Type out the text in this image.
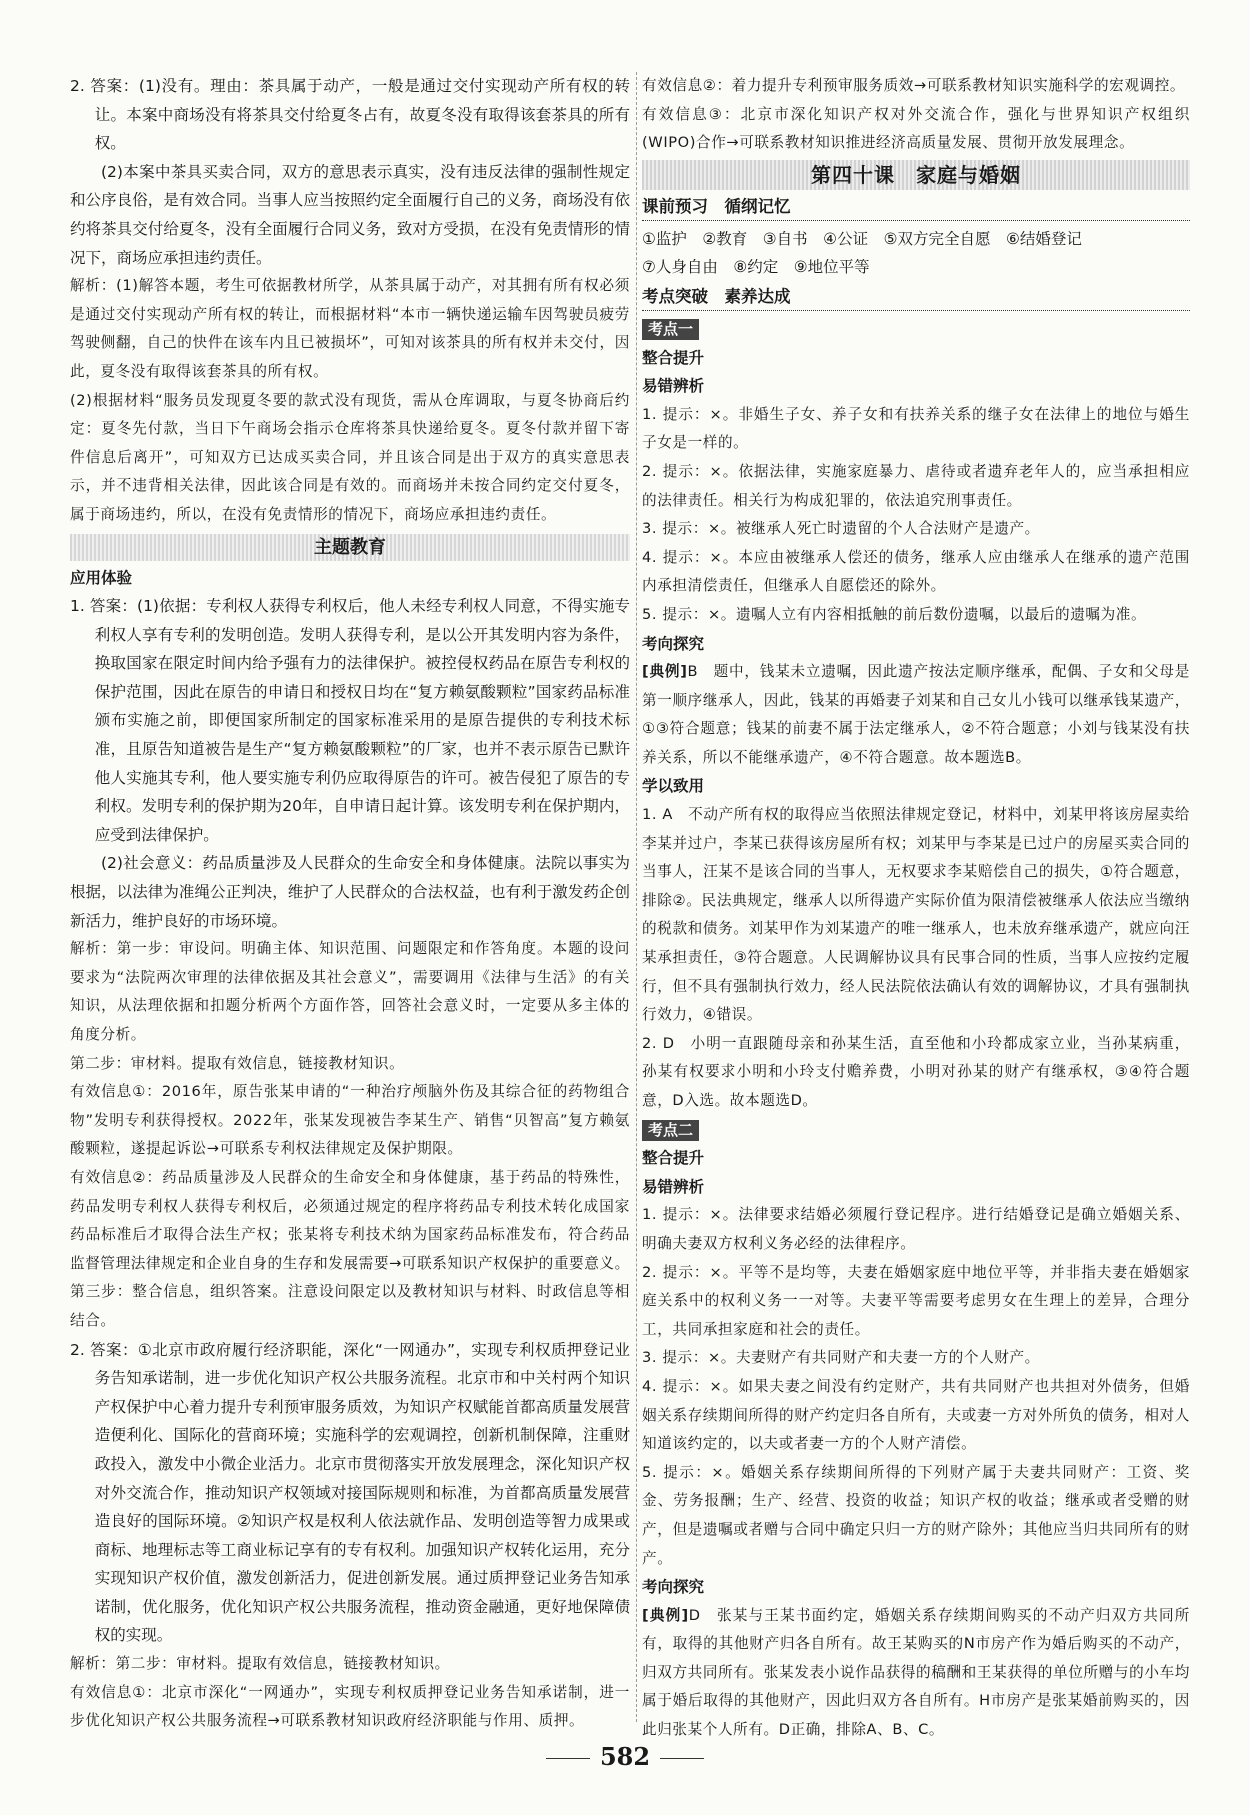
2. 答案：(1)没有。理由：茶具属于动产，一般是通过交付实现动产所有权的转让。本案中商场没有将茶具交付给夏冬占有，故夏冬没有取得该套茶具的所有权。

(2)本案中茶具买卖合同，双方的意思表示真实，没有违反法律的强制性规定和公序良俗，是有效合同。当事人应当按照约定全面履行自己的义务，商场没有依约将茶具交付给夏冬，没有全面履行合同义务，致对方受损，在没有免责情形的情况下，商场应承担违约责任。

解析：(1)解答本题，考生可依据教材所学，从茶具属于动产，对其拥有所有权必须是通过交付实现动产所有权的转让，而根据材料“本市一辆快递运输车因驾驶员疲劳驾驶侧翻，自己的快件在该车内且已被损坏”，可知对该茶具的所有权并未交付，因此，夏冬没有取得该套茶具的所有权。

(2)根据材料“服务员发现夏冬要的款式没有现货，需从仓库调取，与夏冬协商后约定：夏冬先付款，当日下午商场会指示仓库将茶具快递给夏冬。夏冬付款并留下寄件信息后离开”，可知双方已达成买卖合同，并且该合同是出于双方的真实意思表示，并不违背相关法律，因此该合同是有效的。而商场并未按合同约定交付夏冬，属于商场违约，所以，在没有免责情形的情况下，商场应承担违约责任。

主题教育
应用体验

1. 答案：(1)依据：专利权人获得专利权后，他人未经专利权人同意，不得实施专利权人享有专利的发明创造。发明人获得专利，是以公开其发明内容为条件，换取国家在限定时间内给予强有力的法律保护。被控侵权药品在原告专利权的保护范围，因此在原告的申请日和授权日均在“复方赖氨酸颗粒”国家药品标准颁布实施之前，即便国家所制定的国家标准采用的是原告提供的专利技术标准，且原告知道被告是生产“复方赖氨酸颗粒”的厂家，也并不表示原告已默许他人实施其专利，他人要实施专利仍应取得原告的许可。被告侵犯了原告的专利权。发明专利的保护期为20年，自申请日起计算。该发明专利在保护期内，应受到法律保护。

(2)社会意义：药品质量涉及人民群众的生命安全和身体健康。法院以事实为根据，以法律为准绳公正判决，维护了人民群众的合法权益，也有利于激发药企创新活力，维护良好的市场环境。

解析：第一步：审设问。明确主体、知识范围、问题限定和作答角度。本题的设问要求为“法院两次审理的法律依据及其社会意义”，需要调用《法律与生活》的有关知识，从法理依据和扣题分析两个方面作答，回答社会意义时，一定要从多主体的角度分析。

第二步：审材料。提取有效信息，链接教材知识。

有效信息①：2016年，原告张某申请的“一种治疗颅脑外伤及其综合征的药物组合物”发明专利获得授权。2022年，张某发现被告李某生产、销售“贝智高”复方赖氨酸颗粒，遂提起诉讼→可联系专利权法律规定及保护期限。

有效信息②：药品质量涉及人民群众的生命安全和身体健康，基于药品的特殊性，药品发明专利权人获得专利权后，必须通过规定的程序将药品专利技术转化成国家药品标准后才取得合法生产权；张某将专利技术纳为国家药品标准发布，符合药品监督管理法律规定和企业自身的生存和发展需要→可联系知识产权保护的重要意义。

第三步：整合信息，组织答案。注意设问限定以及教材知识与材料、时政信息等相结合。

2. 答案：①北京市政府履行经济职能，深化“一网通办”，实现专利权质押登记业务告知承诺制，进一步优化知识产权公共服务流程。北京市和中关村两个知识产权保护中心着力提升专利预审服务质效，为知识产权赋能首都高质量发展营造便利化、国际化的营商环境；实施科学的宏观调控，创新机制保障，注重财政投入，激发中小微企业活力。北京市贯彻落实开放发展理念，深化知识产权对外交流合作，推动知识产权领域对接国际规则和标准，为首都高质量发展营造良好的国际环境。②知识产权是权利人依法就作品、发明创造等智力成果或商标、地理标志等工商业标记享有的专有权利。加强知识产权转化运用，充分实现知识产权价值，激发创新活力，促进创新发展。通过质押登记业务告知承诺制，优化服务，优化知识产权公共服务流程，推动资金融通，更好地保障债权的实现。

解析：第二步：审材料。提取有效信息，链接教材知识。

有效信息①：北京市深化“一网通办”，实现专利权质押登记业务告知承诺制，进一步优化知识产权公共服务流程→可联系教材知识政府经济职能与作用、质押。

有效信息②：着力提升专利预审服务质效→可联系教材知识实施科学的宏观调控。

有效信息③：北京市深化知识产权对外交流合作，强化与世界知识产权组织(WIPO)合作→可联系教材知识推进经济高质量发展、贯彻开放发展理念。

第四十课　家庭与婚姻
课前预习　循纲记忆

①监护　②教育　③自书　④公证　⑤双方完全自愿　⑥结婚登记

⑦人身自由　⑧约定　⑨地位平等

考点突破　素养达成
考点一
整合提升
易错辨析

1. 提示：×。非婚生子女、养子女和有扶养关系的继子女在法律上的地位与婚生子女是一样的。

2. 提示：×。依据法律，实施家庭暴力、虐待或者遗弃老年人的，应当承担相应的法律责任。相关行为构成犯罪的，依法追究刑事责任。

3. 提示：×。被继承人死亡时遗留的个人合法财产是遗产。

4. 提示：×。本应由被继承人偿还的债务，继承人应由继承人在继承的遗产范围内承担清偿责任，但继承人自愿偿还的除外。

5. 提示：×。遗嘱人立有内容相抵触的前后数份遗嘱，以最后的遗嘱为准。

考向探究

[典例]B　题中，钱某未立遗嘱，因此遗产按法定顺序继承，配偶、子女和父母是第一顺序继承人，因此，钱某的再婚妻子刘某和自己女儿小钱可以继承钱某遗产，①③符合题意；钱某的前妻不属于法定继承人，②不符合题意；小刘与钱某没有扶养关系，所以不能继承遗产，④不符合题意。故本题选B。

学以致用

1. A　不动产所有权的取得应当依照法律规定登记，材料中，刘某甲将该房屋卖给李某并过户，李某已获得该房屋所有权；刘某甲与李某是已过户的房屋买卖合同的当事人，汪某不是该合同的当事人，无权要求李某赔偿自己的损失，①符合题意，排除②。民法典规定，继承人以所得遗产实际价值为限清偿被继承人依法应当缴纳的税款和债务。刘某甲作为刘某遗产的唯一继承人，也未放弃继承遗产，就应向汪某承担责任，③符合题意。人民调解协议具有民事合同的性质，当事人应按约定履行，但不具有强制执行效力，经人民法院依法确认有效的调解协议，才具有强制执行效力，④错误。

2. D　小明一直跟随母亲和孙某生活，直至他和小玲都成家立业，当孙某病重，孙某有权要求小明和小玲支付赡养费，小明对孙某的财产有继承权，③④符合题意，D入选。故本题选D。

考点二
整合提升
易错辨析

1. 提示：×。法律要求结婚必须履行登记程序。进行结婚登记是确立婚姻关系、明确夫妻双方权利义务必经的法律程序。

2. 提示：×。平等不是均等，夫妻在婚姻家庭中地位平等，并非指夫妻在婚姻家庭关系中的权利义务一一对等。夫妻平等需要考虑男女在生理上的差异，合理分工，共同承担家庭和社会的责任。

3. 提示：×。夫妻财产有共同财产和夫妻一方的个人财产。

4. 提示：×。如果夫妻之间没有约定财产，共有共同财产也共担对外债务，但婚姻关系存续期间所得的财产约定归各自所有，夫或妻一方对外所负的债务，相对人知道该约定的，以夫或者妻一方的个人财产清偿。

5. 提示：×。婚姻关系存续期间所得的下列财产属于夫妻共同财产：工资、奖金、劳务报酬；生产、经营、投资的收益；知识产权的收益；继承或者受赠的财产，但是遗嘱或者赠与合同中确定只归一方的财产除外；其他应当归共同所有的财产。

考向探究

[典例]D　张某与王某书面约定，婚姻关系存续期间购买的不动产归双方共同所有，取得的其他财产归各自所有。故王某购买的N市房产作为婚后购买的不动产，归双方共同所有。张某发表小说作品获得的稿酬和王某获得的单位所赠与的小车均属于婚后取得的其他财产，因此归双方各自所有。H市房产是张某婚前购买的，因此归张某个人所有。D正确，排除A、B、C。

582
